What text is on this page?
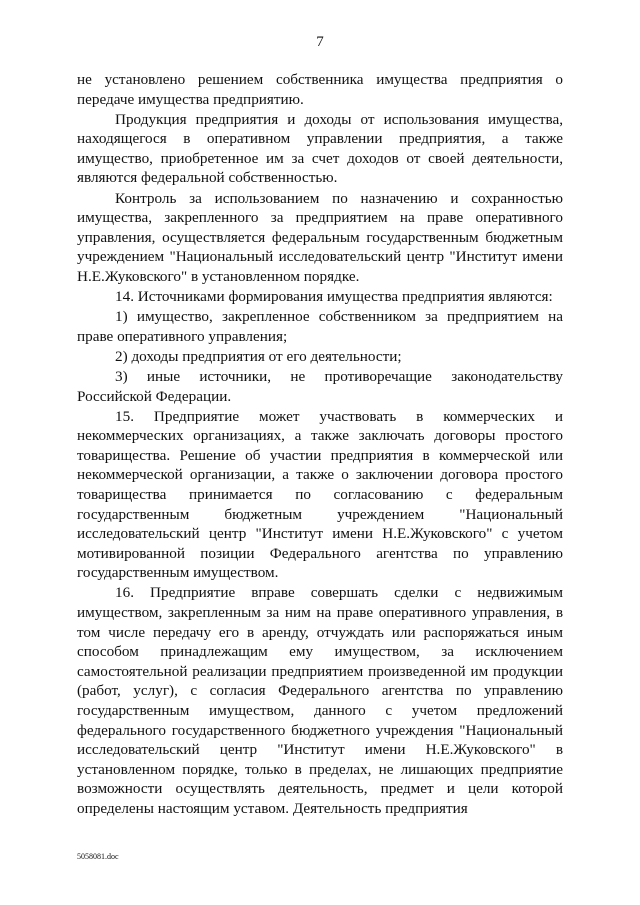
7

не установлено решением собственника имущества предприятия о передаче имущества предприятию.

Продукция предприятия и доходы от использования имущества, находящегося в оперативном управлении предприятия, а также имущество, приобретенное им за счет доходов от своей деятельности, являются федеральной собственностью.

Контроль за использованием по назначению и сохранностью имущества, закрепленного за предприятием на праве оперативного управления, осуществляется федеральным государственным бюджетным учреждением "Национальный исследовательский центр "Институт имени Н.Е.Жуковского" в установленном порядке.

14. Источниками формирования имущества предприятия являются:

1) имущество, закрепленное собственником за предприятием на праве оперативного управления;

2) доходы предприятия от его деятельности;

3) иные источники, не противоречащие законодательству Российской Федерации.

15. Предприятие может участвовать в коммерческих и некоммерческих организациях, а также заключать договоры простого товарищества. Решение об участии предприятия в коммерческой или некоммерческой организации, а также о заключении договора простого товарищества принимается по согласованию с федеральным государственным бюджетным учреждением "Национальный исследовательский центр "Институт имени Н.Е.Жуковского" с учетом мотивированной позиции Федерального агентства по управлению государственным имуществом.

16. Предприятие вправе совершать сделки с недвижимым имуществом, закрепленным за ним на праве оперативного управления, в том числе передачу его в аренду, отчуждать или распоряжаться иным способом принадлежащим ему имуществом, за исключением самостоятельной реализации предприятием произведенной им продукции (работ, услуг), с согласия Федерального агентства по управлению государственным имуществом, данного с учетом предложений федерального государственного бюджетного учреждения "Национальный исследовательский центр "Институт имени Н.Е.Жуковского" в установленном порядке, только в пределах, не лишающих предприятие возможности осуществлять деятельность, предмет и цели которой определены настоящим уставом. Деятельность предприятия

5058081.doc
